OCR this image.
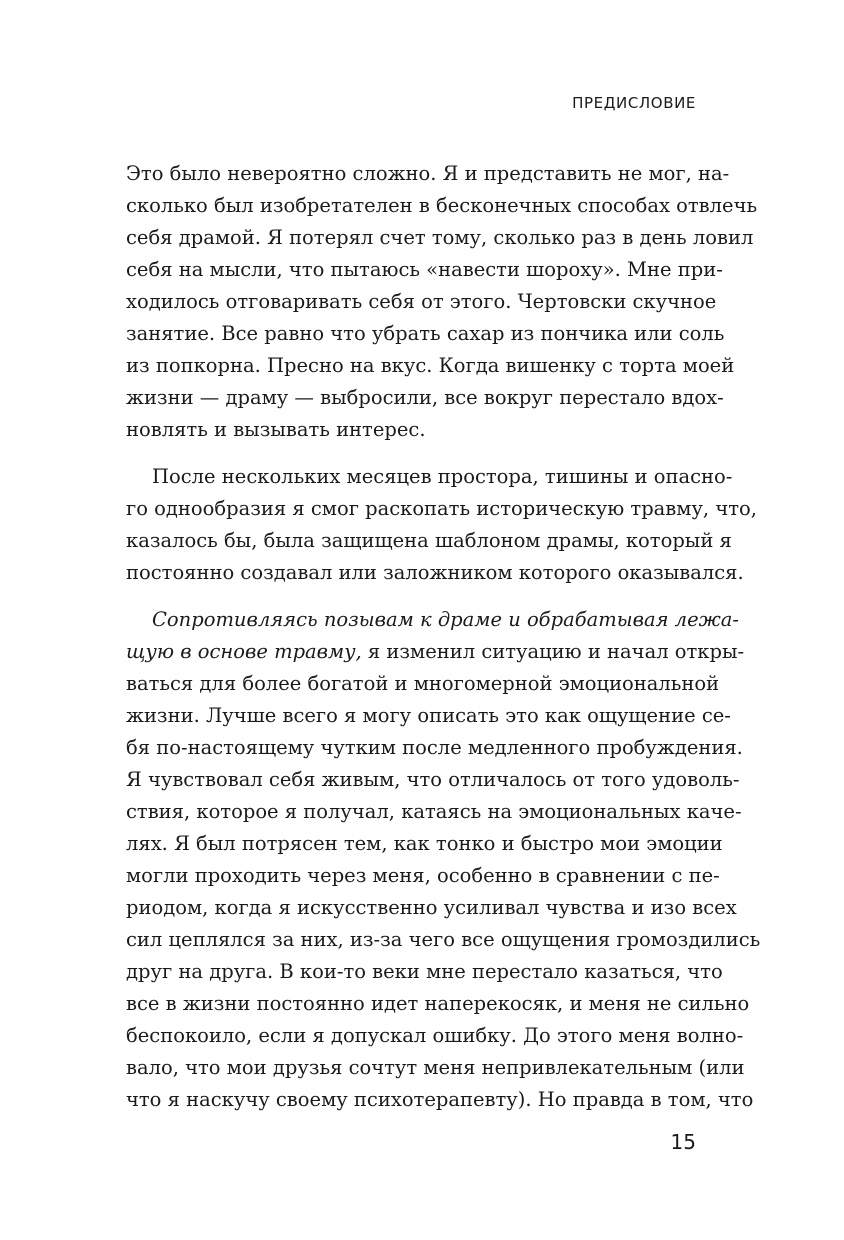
ПРЕДИСЛОВИЕ

Это было невероятно сложно. Я и представить не мог, на-
сколько был изобретателен в бесконечных способах отвлечь
себя драмой. Я потерял счет тому, сколько раз в день ловил
себя на мысли, что пытаюсь «навести шороху». Мне при-
ходилось отговаривать себя от этого. Чертовски скучное
занятие. Все равно что убрать сахар из пончика или соль
из попкорна. Пресно на вкус. Когда вишенку с торта моей
жизни — драму — выбросили, все вокруг перестало вдох-
новлять и вызывать интерес.

После нескольких месяцев простора, тишины и опасно-
го однообразия я смог раскопать историческую травму, что,
казалось бы, была защищена шаблоном драмы, который я
постоянно создавал или заложником которого оказывался.

Сопротивляясь позывам к драме и обрабатывая лежа-
щую в основе травму, я изменил ситуацию и начал откры-
ваться для более богатой и многомерной эмоциональной
жизни. Лучше всего я могу описать это как ощущение се-
бя по-настоящему чутким после медленного пробуждения.
Я чувствовал себя живым, что отличалось от того удоволь-
ствия, которое я получал, катаясь на эмоциональных каче-
лях. Я был потрясен тем, как тонко и быстро мои эмоции
могли проходить через меня, особенно в сравнении с пе-
риодом, когда я искусственно усиливал чувства и изо всех
сил цеплялся за них, из-за чего все ощущения громоздились
друг на друга. В кои-то веки мне перестало казаться, что
все в жизни постоянно идет наперекосяк, и меня не сильно
беспокоило, если я допускал ошибку. До этого меня волно-
вало, что мои друзья сочтут меня непривлекательным (или
что я наскучу своему психотерапевту). Но правда в том, что

15
